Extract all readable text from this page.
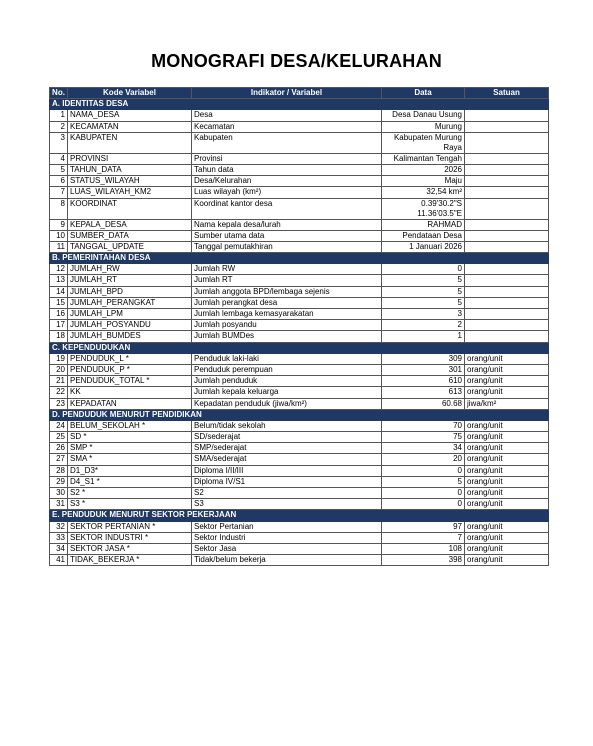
MONOGRAFI DESA/KELURAHAN
No.	Kode Variabel	Indikator / Variabel	Data	Satuan
A. IDENTITAS DESA				
1	NAMA_DESA	Desa	Desa Danau Usung	

2	KECAMATAN	Kecamatan	Murung	

3	KABUPATEN	Kabupaten	Kabupaten Murung
Raya	

4	PROVINSI	Provinsi	Kalimantan Tengah	

5	TAHUN_DATA	Tahun data	2026	

6	STATUS_WILAYAH	Desa/Kelurahan	Maju	

7	LUAS_WILAYAH_KM2	Luas wilayah (km²)	32,54 km²	

8	KOORDINAT	Koordinat kantor desa	0.39'30.2"S
11.36'03.5"E	

9	KEPALA_DESA	Nama kepala desa/lurah	RAHMAD	

10	SUMBER_DATA	Sumber utama data	Pendataan Desa	

11	TANGGAL_UPDATE	Tanggal pemutakhiran	1 Januari 2026	

B. PEMERINTAHAN DESA				
12	JUMLAH_RW	Jumlah RW	0	

13	JUMLAH_RT	Jumlah RT	5	

14	JUMLAH_BPD	Jumlah anggota BPD/lembaga sejenis	5	

15	JUMLAH_PERANGKAT	Jumlah perangkat desa	5	

16	JUMLAH_LPM	Jumlah lembaga kemasyarakatan	3	

17	JUMLAH_POSYANDU	Jumlah posyandu	2	

18	JUMLAH_BUMDES	Jumlah BUMDes	1	

C. KEPENDUDUKAN				
19	PENDUDUK_L *	Penduduk laki-laki	309	orang/unit
20	PENDUDUK_P *	Penduduk perempuan	301	orang/unit
21	PENDUDUK_TOTAL *	Jumlah penduduk	610	orang/unit
22	KK	Jumlah kepala keluarga	613	orang/unit
23	KEPADATAN	Kepadatan penduduk (jiwa/km²)	60.68	jiwa/km²
D. PENDUDUK MENURUT PENDIDIKAN				
24	BELUM_SEKOLAH *	Belum/tidak sekolah	70	orang/unit
25	SD *	SD/sederajat	75	orang/unit
26	SMP *	SMP/sederajat	34	orang/unit
27	SMA *	SMA/sederajat	20	orang/unit
28	D1_D3*	Diploma I/II/III	0	orang/unit
29	D4_S1 *	Diploma IV/S1	5	orang/unit
30	S2 *	S2	0	orang/unit
31	S3 *	S3	0	orang/unit
E. PENDUDUK MENURUT SEKTOR PEKERJAAN				
32	SEKTOR PERTANIAN *	Sektor Pertanian	97	orang/unit
33	SEKTOR INDUSTRI *	Sektor Industri	7	orang/unit
34	SEKTOR JASA *	Sektor Jasa	108	orang/unit
41	TIDAK_BEKERJA *	Tidak/belum bekerja	398	orang/unit
